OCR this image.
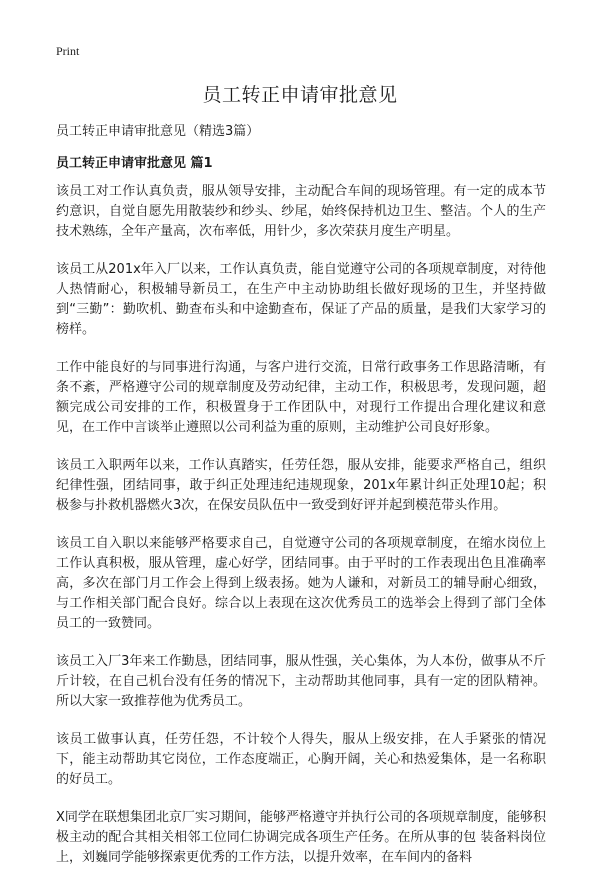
Print
员工转正申请审批意见
员工转正申请审批意见（精选3篇）
员工转正申请审批意见 篇1

该员工对工作认真负责，服从领导安排，主动配合车间的现场管理。有一定的成本节约意识，自觉自愿先用散装纱和纱头、纱尾，始终保持机边卫生、整洁。个人的生产技术熟练，全年产量高，次布率低，用针少，多次荣获月度生产明星。

该员工从201x年入厂以来，工作认真负责，能自觉遵守公司的各项规章制度，对待他人热情耐心，积极辅导新员工，在生产中主动协助组长做好现场的卫生，并坚持做到“三勤”：勤吹机、勤查布头和中途勤查布，保证了产品的质量，是我们大家学习的榜样。

工作中能良好的与同事进行沟通，与客户进行交流，日常行政事务工作思路清晰，有条不紊，严格遵守公司的规章制度及劳动纪律，主动工作，积极思考，发现问题，超额完成公司安排的工作，积极置身于工作团队中，对现行工作提出合理化建议和意见，在工作中言谈举止遵照以公司利益为重的原则，主动维护公司良好形象。

该员工入职两年以来，工作认真踏实，任劳任怨，服从安排，能要求严格自己，组织纪律性强，团结同事，敢于纠正处理违纪违规现象，201x年累计纠正处理10起；积极参与扑救机器燃火3次，在保安员队伍中一致受到好评并起到模范带头作用。

该员工自入职以来能够严格要求自己，自觉遵守公司的各项规章制度，在缩水岗位上工作认真积极，服从管理，虚心好学，团结同事。由于平时的工作表现出色且准确率高，多次在部门月工作会上得到上级表扬。她为人谦和，对新员工的辅导耐心细致，与工作相关部门配合良好。综合以上表现在这次优秀员工的选举会上得到了部门全体员工的一致赞同。

该员工入厂3年来工作勤恳，团结同事，服从性强，关心集体，为人本份，做事从不斤斤计较，在自己机台没有任务的情况下，主动帮助其他同事，具有一定的团队精神。所以大家一致推荐他为优秀员工。

该员工做事认真，任劳任怨，不计较个人得失，服从上级安排，在人手紧张的情况下，能主动帮助其它岗位，工作态度端正，心胸开阔，关心和热爱集体，是一名称职的好员工。

X同学在联想集团北京厂实习期间，能够严格遵守并执行公司的各项规章制度，能够积极主动的配合其相关相邻工位同仁协调完成各项生产任务。在所从事的包 装备料岗位上，刘巍同学能够探索更优秀的工作方法，以提升效率，在车间内的备料
